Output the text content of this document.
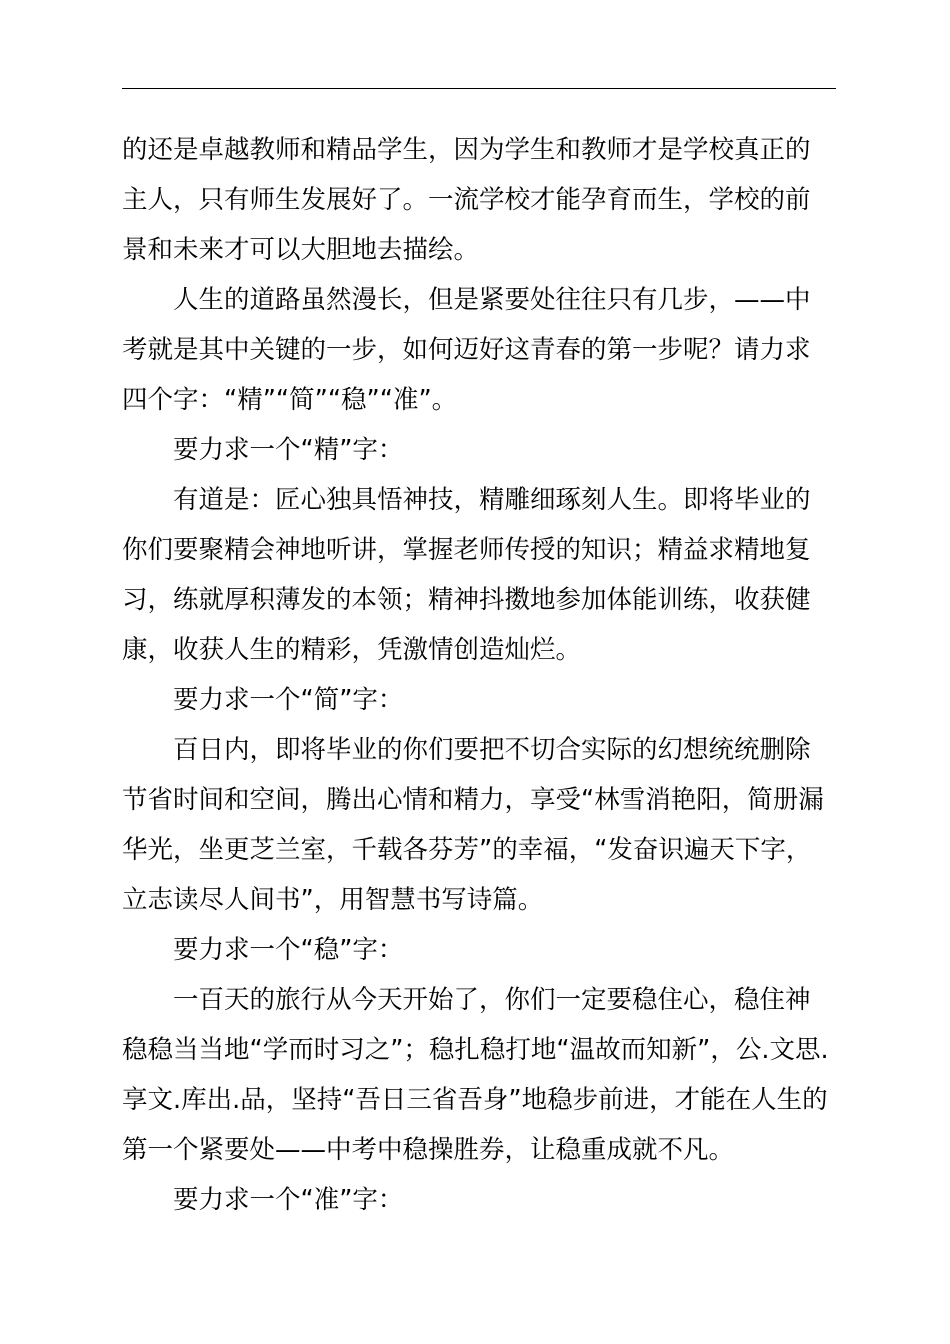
的还是卓越教师和精品学生，因为学生和教师才是学校真正的
主人，只有师生发展好了。一流学校才能孕育而生，学校的前
景和未来才可以大胆地去描绘。
人生的道路虽然漫长，但是紧要处往往只有几步，——中
考就是其中关键的一步，如何迈好这青春的第一步呢？请力求
四个字：“精”“简”“稳”“准”。
要力求一个“精”字：
有道是：匠心独具悟神技，精雕细琢刻人生。即将毕业的
你们要聚精会神地听讲，掌握老师传授的知识；精益求精地复
习，练就厚积薄发的本领；精神抖擞地参加体能训练，收获健
康，收获人生的精彩，凭激情创造灿烂。
要力求一个“简”字：
百日内，即将毕业的你们要把不切合实际的幻想统统删除
节省时间和空间，腾出心情和精力，享受“林雪消艳阳，简册漏
华光，坐更芝兰室，千载各芬芳”的幸福，“发奋识遍天下字，
立志读尽人间书”，用智慧书写诗篇。
要力求一个“稳”字：
一百天的旅行从今天开始了，你们一定要稳住心，稳住神
稳稳当当地“学而时习之”；稳扎稳打地“温故而知新”，公.文思.
享文.库出.品，坚持“吾日三省吾身”地稳步前进，才能在人生的
第一个紧要处——中考中稳操胜券，让稳重成就不凡。
要力求一个“准”字：
